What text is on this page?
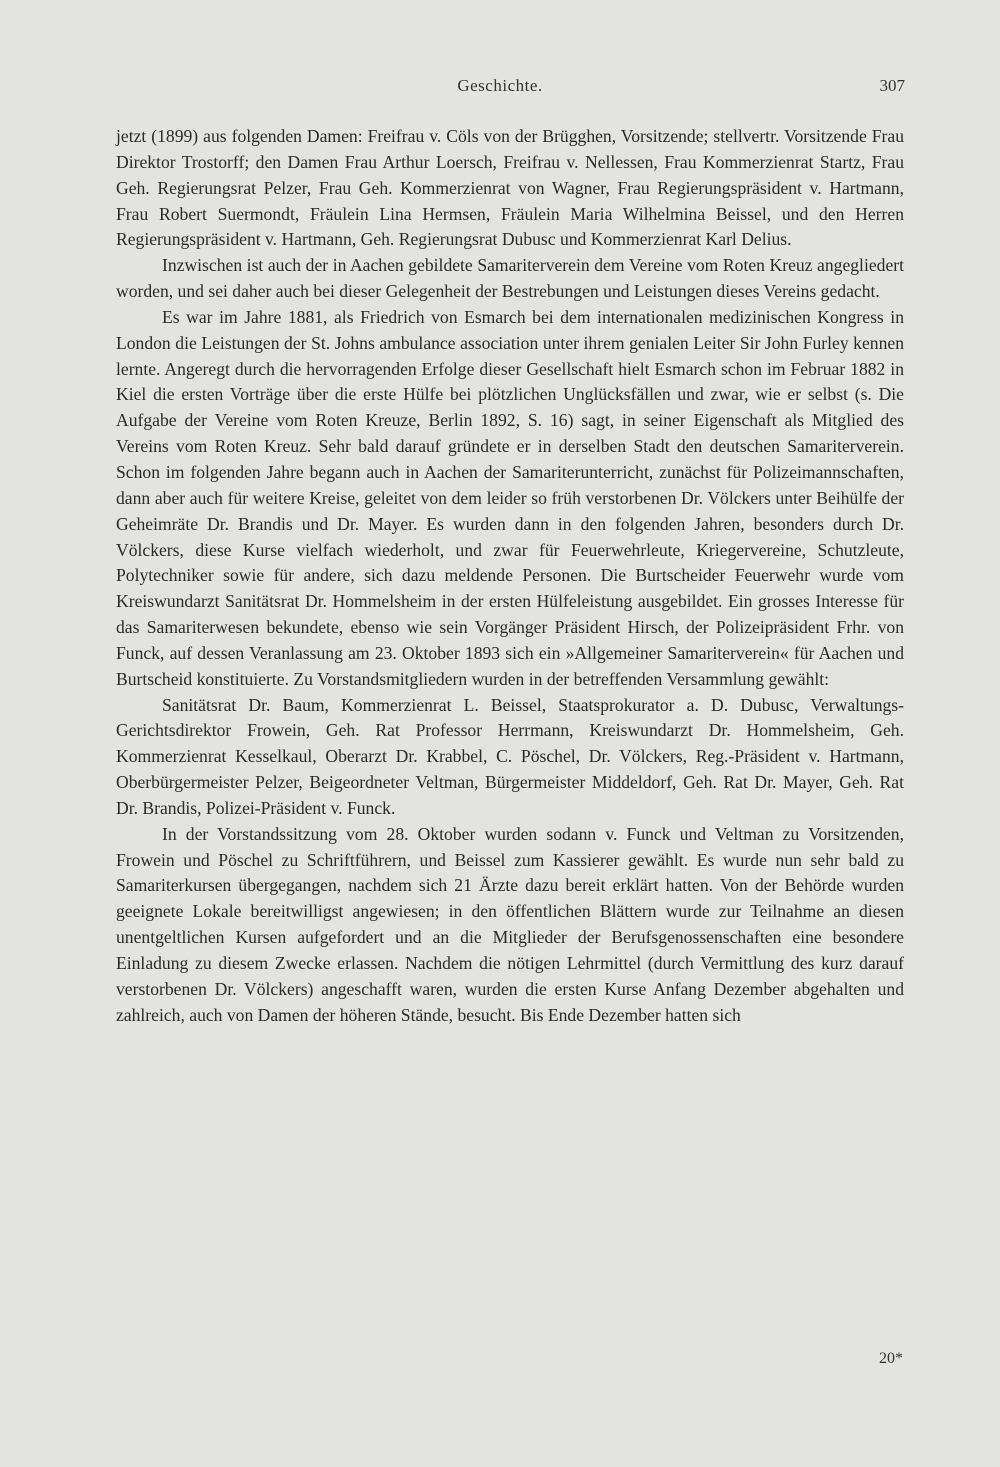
Geschichte.	307

jetzt (1899) aus folgenden Damen: Freifrau v. Cöls von der Brügghen, Vorsitzende; stellvertr. Vorsitzende Frau Direktor Trostorff; den Damen Frau Arthur Loersch, Freifrau v. Nellessen, Frau Kommerzienrat Startz, Frau Geh. Regierungsrat Pelzer, Frau Geh. Kommerzienrat von Wagner, Frau Regierungspräsident v. Hartmann, Frau Robert Suermondt, Fräulein Lina Hermsen, Fräulein Maria Wilhelmina Beissel, und den Herren Regierungspräsident v. Hartmann, Geh. Regierungsrat Dubusc und Kommerzienrat Karl Delius.

Inzwischen ist auch der in Aachen gebildete Samariterverein dem Vereine vom Roten Kreuz angegliedert worden, und sei daher auch bei dieser Gelegenheit der Bestrebungen und Leistungen dieses Vereins gedacht.

Es war im Jahre 1881, als Friedrich von Esmarch bei dem internationalen medizinischen Kongress in London die Leistungen der St. Johns ambulance association unter ihrem genialen Leiter Sir John Furley kennen lernte. Angeregt durch die hervorragenden Erfolge dieser Gesellschaft hielt Esmarch schon im Februar 1882 in Kiel die ersten Vorträge über die erste Hülfe bei plötzlichen Unglücksfällen und zwar, wie er selbst (s. Die Aufgabe der Vereine vom Roten Kreuze, Berlin 1892, S. 16) sagt, in seiner Eigenschaft als Mitglied des Vereins vom Roten Kreuz. Sehr bald darauf gründete er in derselben Stadt den deutschen Samariterverein. Schon im folgenden Jahre begann auch in Aachen der Samariterunterricht, zunächst für Polizeimannschaften, dann aber auch für weitere Kreise, geleitet von dem leider so früh verstorbenen Dr. Völckers unter Beihülfe der Geheimräte Dr. Brandis und Dr. Mayer. Es wurden dann in den folgenden Jahren, besonders durch Dr. Völckers, diese Kurse vielfach wiederholt, und zwar für Feuerwehrleute, Kriegervereine, Schutzleute, Polytechniker sowie für andere, sich dazu meldende Personen. Die Burtscheider Feuerwehr wurde vom Kreiswundarzt Sanitätsrat Dr. Hommelsheim in der ersten Hülfeleistung ausgebildet. Ein grosses Interesse für das Samariterwesen bekundete, ebenso wie sein Vorgänger Präsident Hirsch, der Polizeipräsident Frhr. von Funck, auf dessen Veranlassung am 23. Oktober 1893 sich ein »Allgemeiner Samariterverein« für Aachen und Burtscheid konstituierte. Zu Vorstandsmitgliedern wurden in der betreffenden Versammlung gewählt:

Sanitätsrat Dr. Baum, Kommerzienrat L. Beissel, Staatsprokurator a. D. Dubusc, Verwaltungs-Gerichtsdirektor Frowein, Geh. Rat Professor Herrmann, Kreiswundarzt Dr. Hommelsheim, Geh. Kommerzienrat Kesselkaul, Oberarzt Dr. Krabbel, C. Pöschel, Dr. Völckers, Reg.-Präsident v. Hartmann, Oberbürgermeister Pelzer, Beigeordneter Veltman, Bürgermeister Middeldorf, Geh. Rat Dr. Mayer, Geh. Rat Dr. Brandis, Polizei-Präsident v. Funck.

In der Vorstandssitzung vom 28. Oktober wurden sodann v. Funck und Veltman zu Vorsitzenden, Frowein und Pöschel zu Schriftführern, und Beissel zum Kassierer gewählt. Es wurde nun sehr bald zu Samariterkursen übergegangen, nachdem sich 21 Ärzte dazu bereit erklärt hatten. Von der Behörde wurden geeignete Lokale bereitwilligst angewiesen; in den öffentlichen Blättern wurde zur Teilnahme an diesen unentgeltlichen Kursen aufgefordert und an die Mitglieder der Berufsgenossenschaften eine besondere Einladung zu diesem Zwecke erlassen. Nachdem die nötigen Lehrmittel (durch Vermittlung des kurz darauf verstorbenen Dr. Völckers) angeschafft waren, wurden die ersten Kurse Anfang Dezember abgehalten und zahlreich, auch von Damen der höheren Stände, besucht. Bis Ende Dezember hatten sich

20*
